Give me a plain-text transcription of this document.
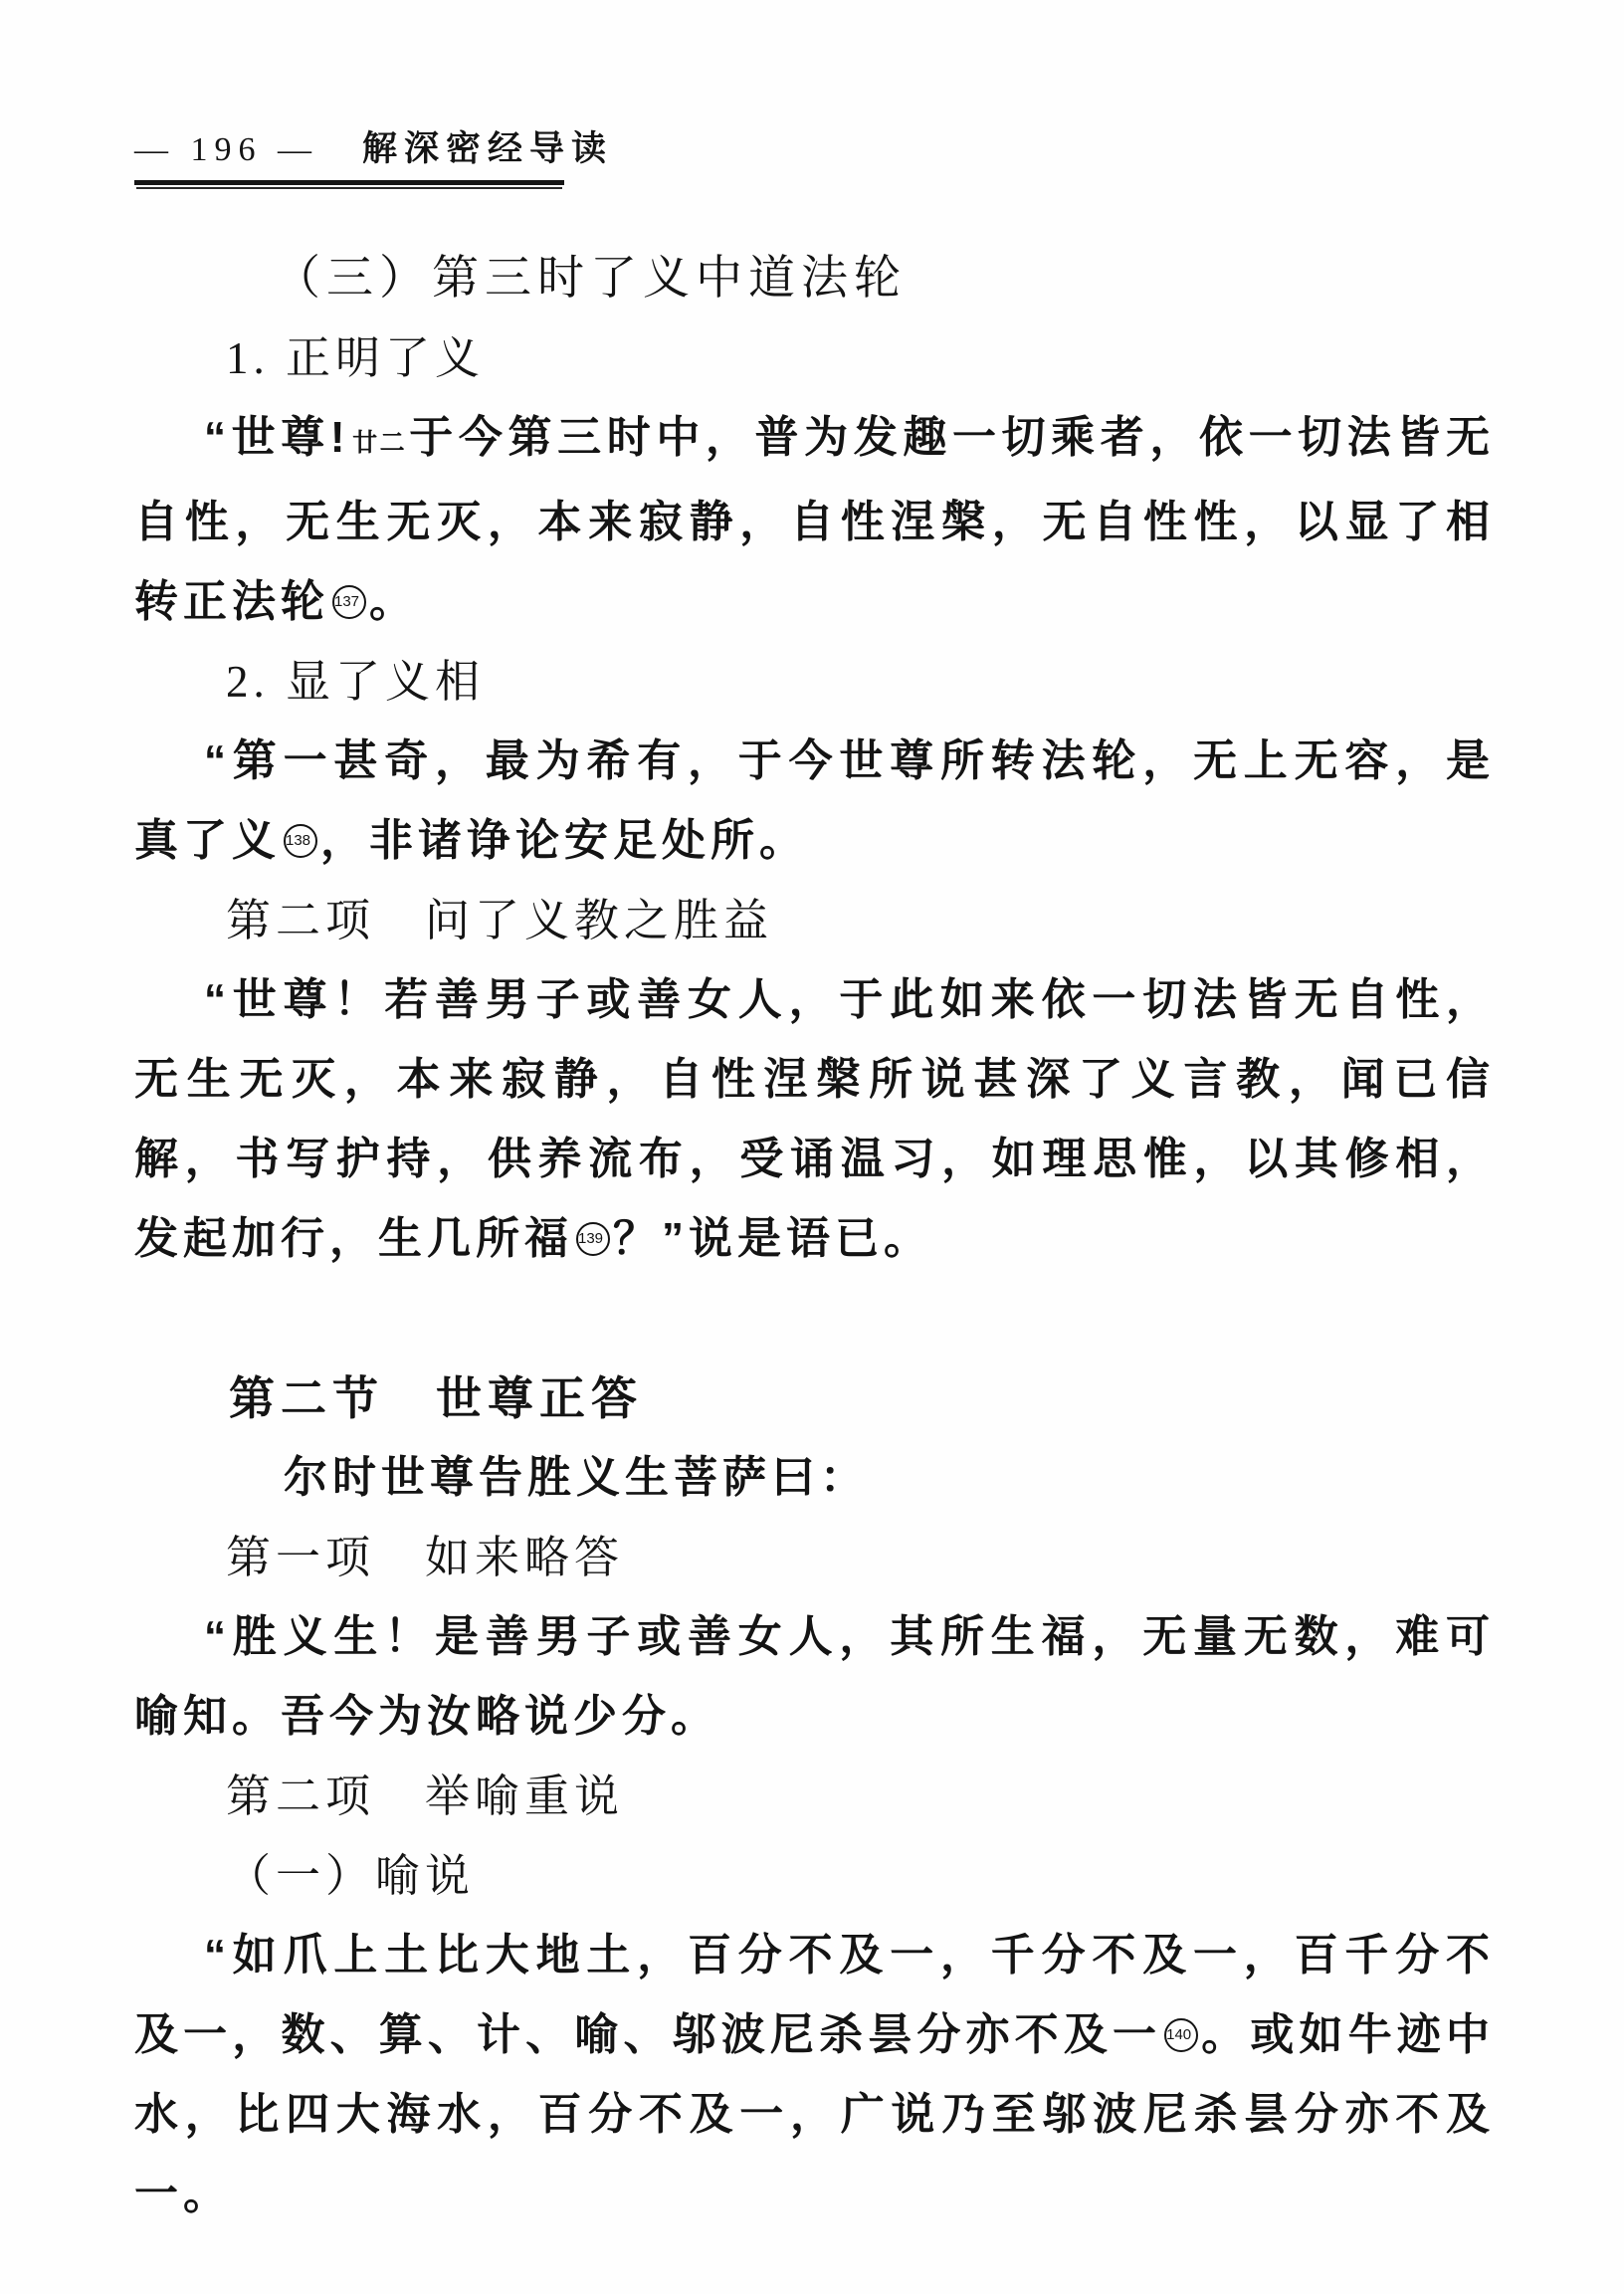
— 196 — 解深密经导读
（三）第三时了义中道法轮
1. 正明了义
“世尊!廿二于今第三时中，普为发趣一切乘者，依一切法皆无自性，无生无灭，本来寂静，自性涅槃，无自性性，以显了相转正法轮 137 。
2. 显了义相
“第一甚奇，最为希有，于今世尊所转法轮，无上无容，是真了义 138 ，非诸诤论安足处所。
第二项　问了义教之胜益
“世尊！若善男子或善女人，于此如来依一切法皆无自性，无生无灭，本来寂静，自性涅槃所说甚深了义言教，闻已信解，书写护持，供养流布，受诵温习，如理思惟，以其修相，发起加行，生几所福 139 ？”说是语已。
第二节　世尊正答
尔时世尊告胜义生菩萨曰：
第一项　如来略答
“胜义生！是善男子或善女人，其所生福，无量无数，难可喻知。吾今为汝略说少分。
第二项　举喻重说
（一）喻说
“如爪上土比大地土，百分不及一，千分不及一，百千分不及一，数、算、计、喻、邬波尼杀昙分亦不及一 140 。或如牛迹中水，比四大海水，百分不及一，广说乃至邬波尼杀昙分亦不及一。
